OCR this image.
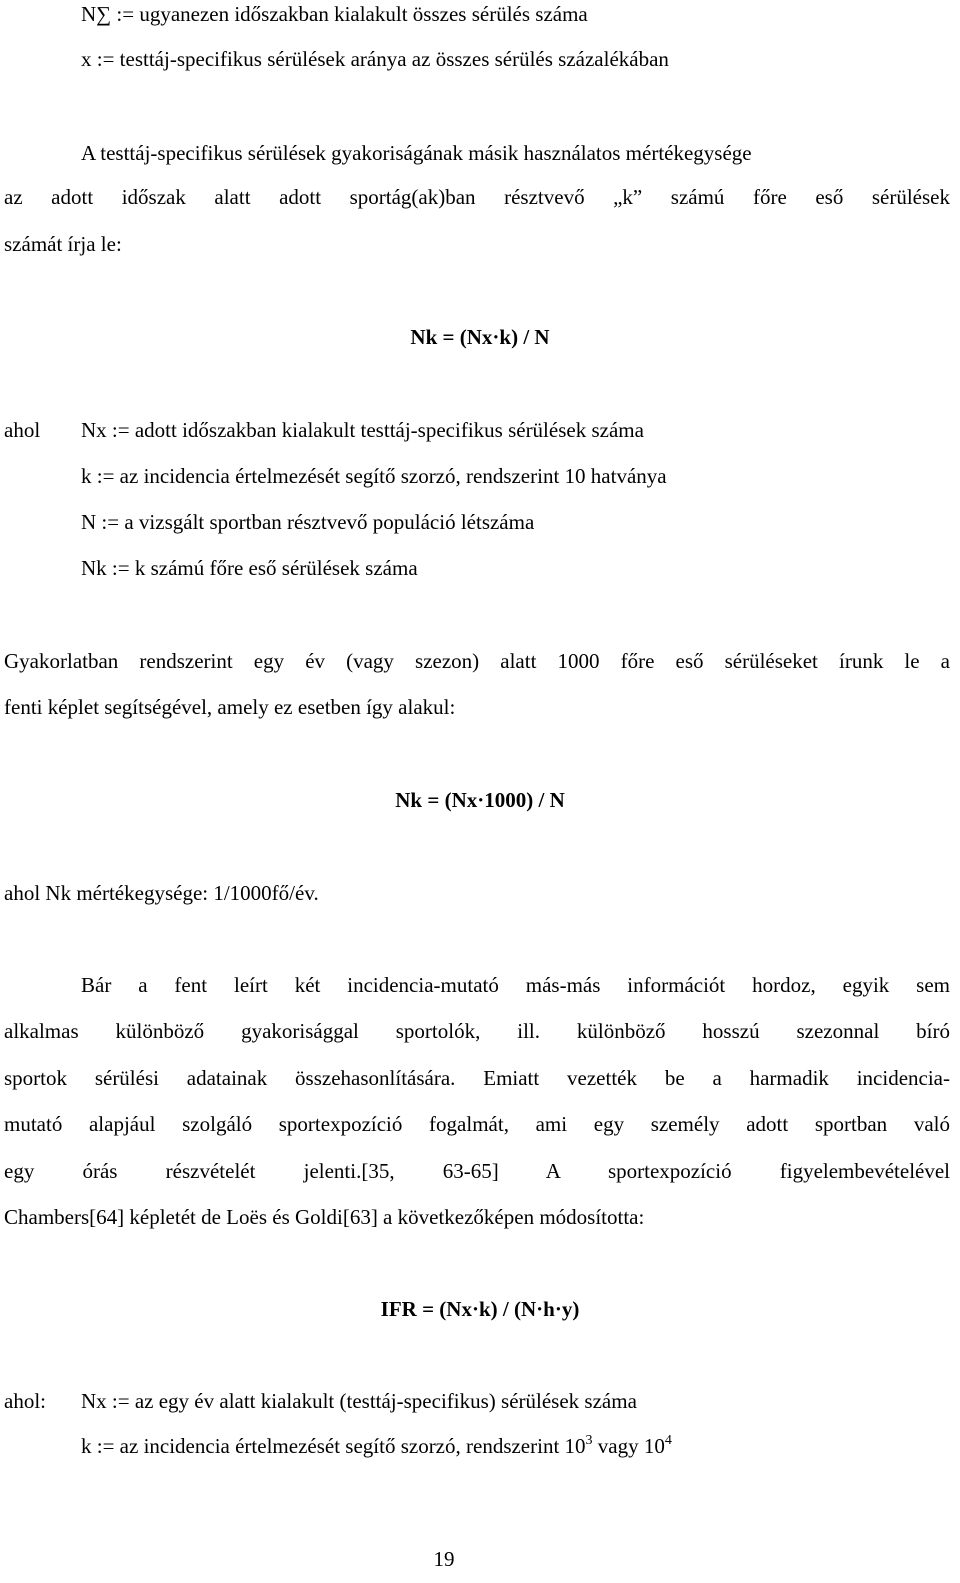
N∑ := ugyanezen időszakban kialakult összes sérülés száma
x := testtáj-specifikus sérülések aránya az összes sérülés százalékában
A testtáj-specifikus sérülések gyakoriságának másik használatos mértékegysége
az adott időszak alatt adott sportág(ak)ban résztvevő „k” számú főre eső sérülések
számát írja le:
Nk = (Nx·k) / N
ahol Nx := adott időszakban kialakult testtáj-specifikus sérülések száma
k := az incidencia értelmezését segítő szorzó, rendszerint 10 hatványa
N := a vizsgált sportban résztvevő populáció létszáma
Nk := k számú főre eső sérülések száma
Gyakorlatban rendszerint egy év (vagy szezon) alatt 1000 főre eső sérüléseket írunk le a
fenti képlet segítségével, amely ez esetben így alakul:
Nk = (Nx·1000) / N
ahol Nk mértékegysége: 1/1000fő/év.
Bár a fent leírt két incidencia-mutató más-más információt hordoz, egyik sem
alkalmas különböző gyakorisággal sportolók, ill. különböző hosszú szezonnal bíró
sportok sérülési adatainak összehasonlítására. Emiatt vezették be a harmadik incidencia-
mutató alapjául szolgáló sportexpozíció fogalmát, ami egy személy adott sportban való
egy órás részvételét jelenti.[35, 63-65] A sportexpozíció figyelembevételével
Chambers[64] képletét de Loës és Goldi[63] a következőképen módosította:
IFR = (Nx·k) / (N·h·y)
ahol: Nx := az egy év alatt kialakult (testtáj-specifikus) sérülések száma
k := az incidencia értelmezését segítő szorzó, rendszerint $10^3$ vagy $10^4$
19
